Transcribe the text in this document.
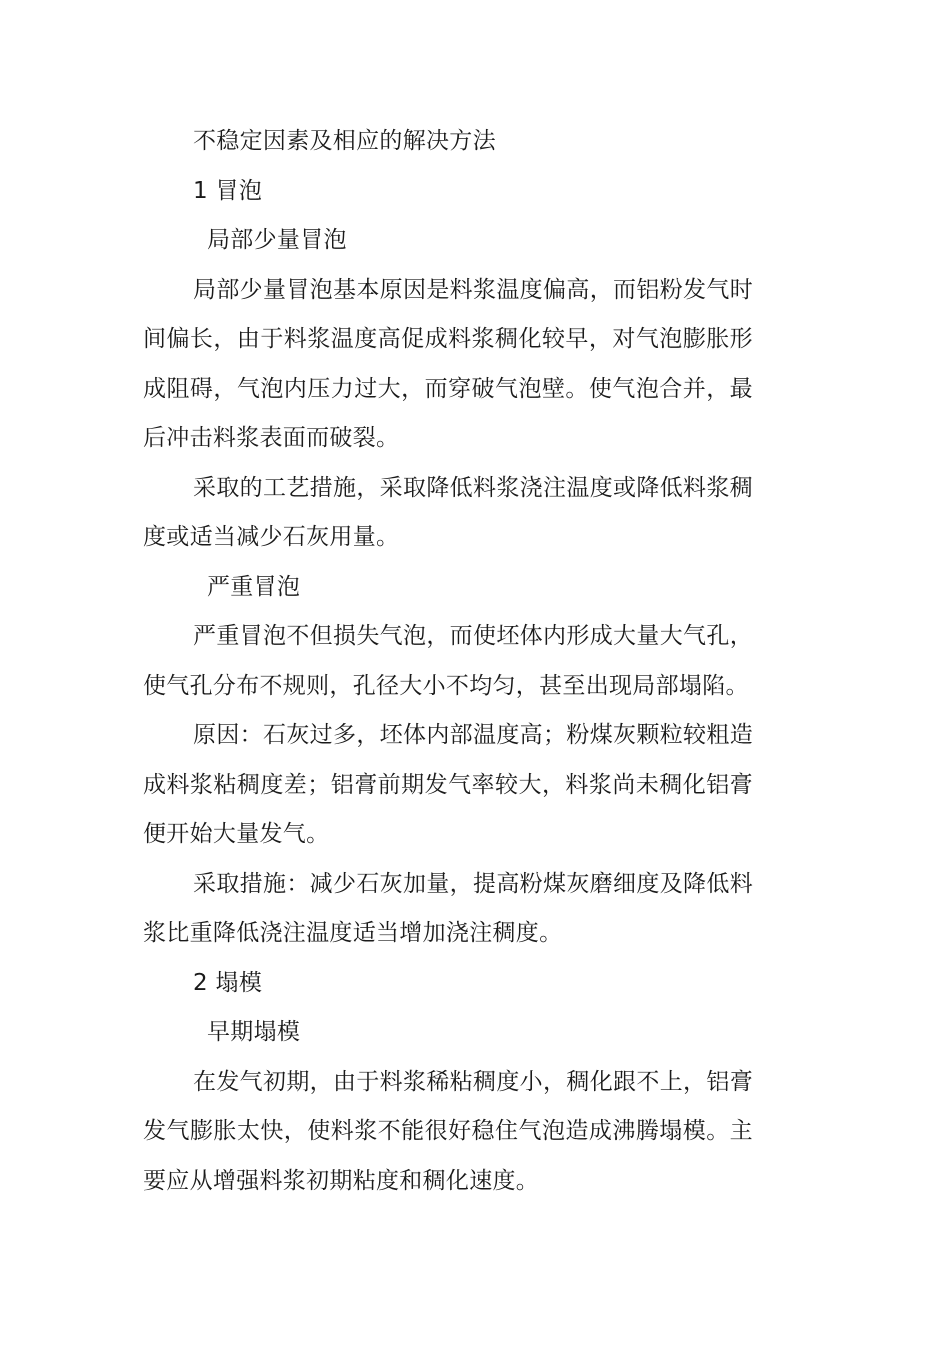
不稳定因素及相应的解决方法

1 冒泡

局部少量冒泡

局部少量冒泡基本原因是料浆温度偏高，而铝粉发气时间偏长，由于料浆温度高促成料浆稠化较早，对气泡膨胀形成阻碍，气泡内压力过大，而穿破气泡壁。使气泡合并，最后冲击料浆表面而破裂。

采取的工艺措施，采取降低料浆浇注温度或降低料浆稠度或适当减少石灰用量。

严重冒泡

严重冒泡不但损失气泡，而使坯体内形成大量大气孔，使气孔分布不规则，孔径大小不均匀，甚至出现局部塌陷。

原因：石灰过多，坯体内部温度高；粉煤灰颗粒较粗造成料浆粘稠度差；铝膏前期发气率较大，料浆尚未稠化铝膏便开始大量发气。

采取措施：减少石灰加量，提高粉煤灰磨细度及降低料浆比重降低浇注温度适当增加浇注稠度。

2 塌模

早期塌模

在发气初期，由于料浆稀粘稠度小，稠化跟不上，铝膏发气膨胀太快，使料浆不能很好稳住气泡造成沸腾塌模。主要应从增强料浆初期粘度和稠化速度。
